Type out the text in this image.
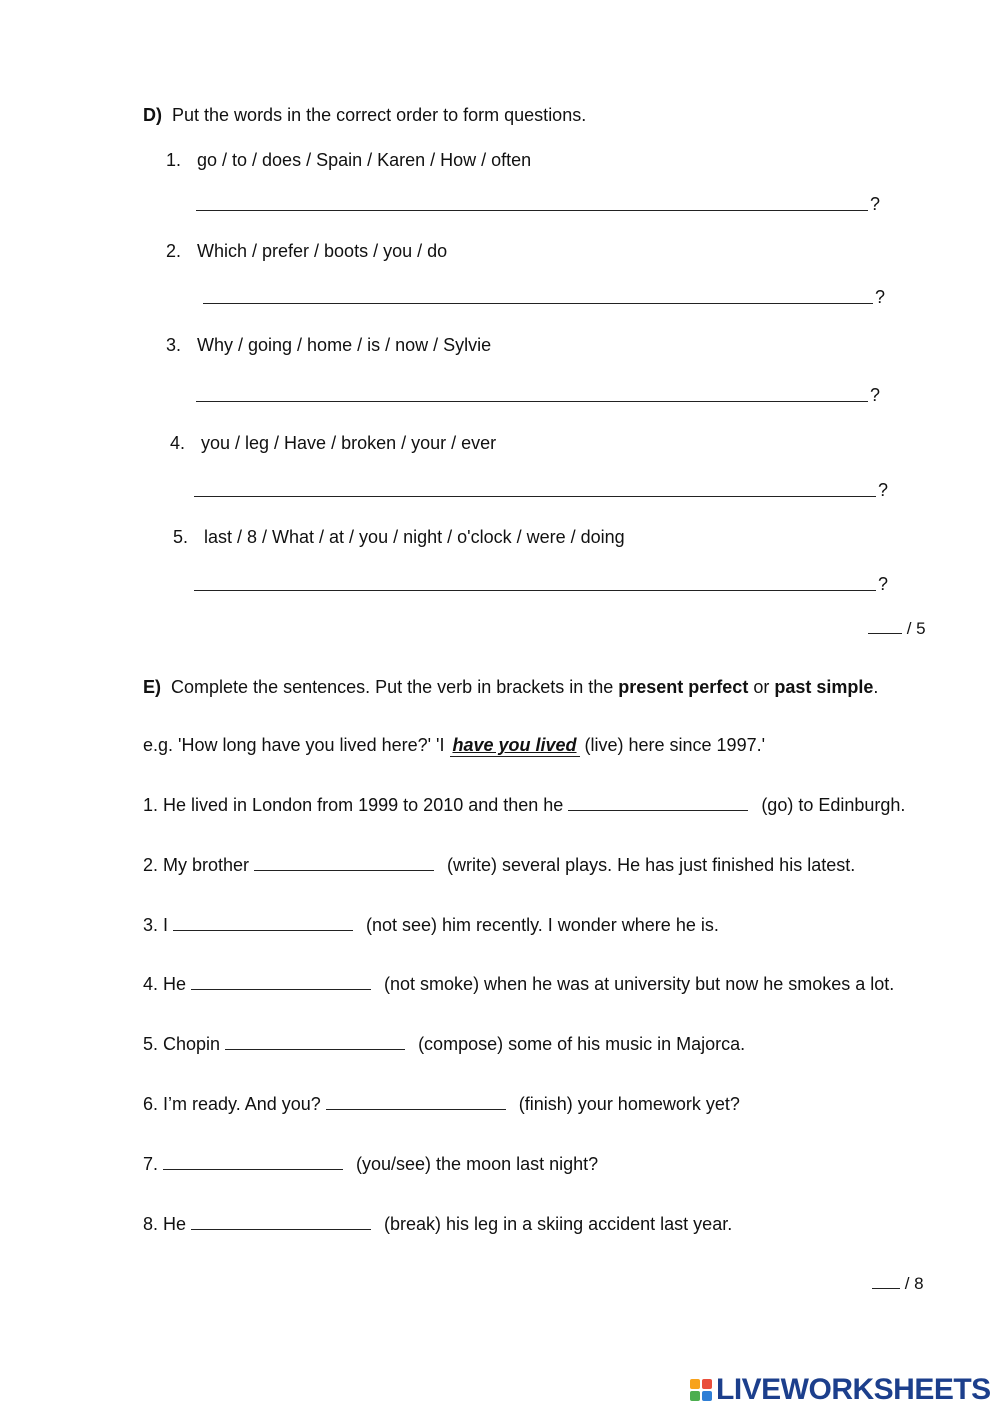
D) Put the words in the correct order to form questions.
1. go / to / does / Spain / Karen / How / often
?
2. Which / prefer / boots / you / do
?
3. Why / going / home / is / now / Sylvie
?
4. you / leg / Have / broken / your / ever
?
5. last / 8 / What / at / you / night / o'clock / were / doing
?
/ 5
E) Complete the sentences. Put the verb in brackets in the present perfect or past simple.
e.g. 'How long have you lived here?' 'I have you lived (live) here since 1997.'
1. He lived in London from 1999 to 2010 and then he	(go) to Edinburgh.
2. My brother	(write) several plays. He has just finished his latest.
3. I	(not see) him recently. I wonder where he is.
4. He	(not smoke) when he was at university but now he smokes a lot.
5. Chopin	(compose) some of his music in Majorca.
6. I’m ready. And you?	(finish) your homework yet?
7.	(you/see) the moon last night?
8. He	(break) his leg in a skiing accident last year.
/ 8
LIVEWORKSHEETS
